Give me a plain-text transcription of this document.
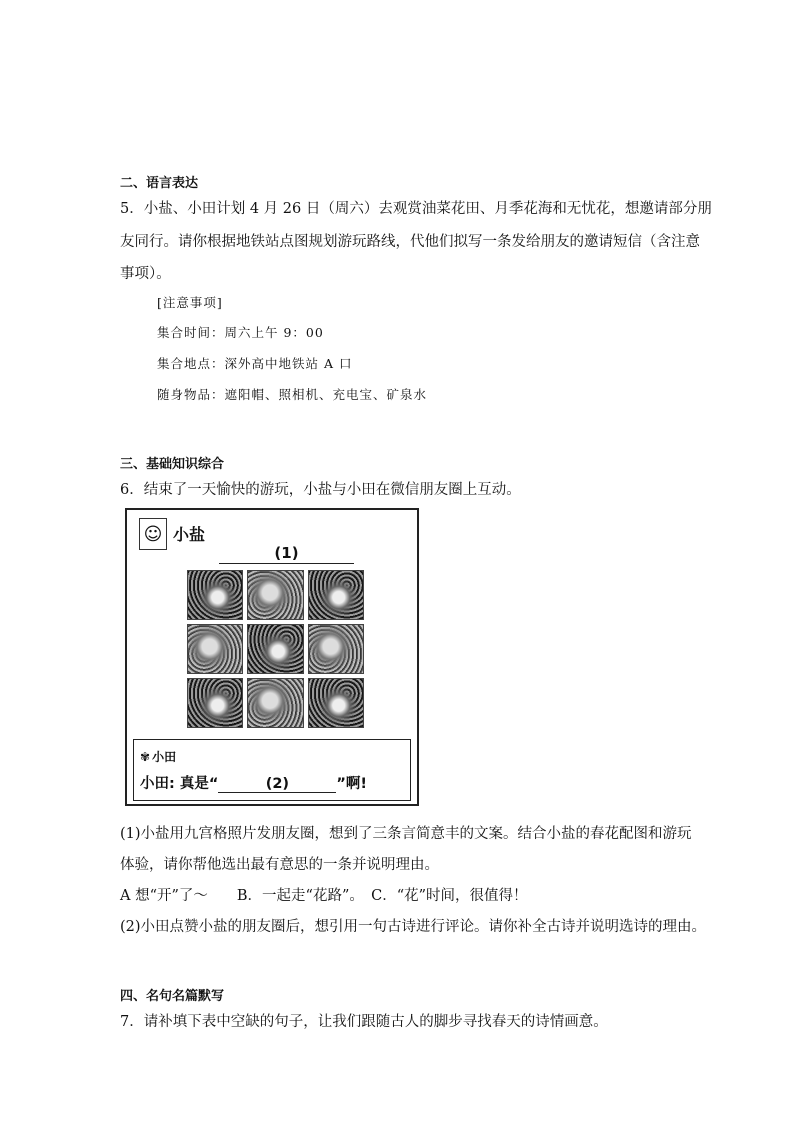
二、语言表达
5．小盐、小田计划 4 月 26 日（周六）去观赏油菜花田、月季花海和无忧花，想邀请部分朋
友同行。请你根据地铁站点图规划游玩路线，代他们拟写一条发给朋友的邀请短信（含注意
事项）。
[注意事项]
集合时间：周六上午 9：00
集合地点：深外高中地铁站 A 口
随身物品：遮阳帽、照相机、充电宝、矿泉水
三、基础知识综合
6．结束了一天愉快的游玩，小盐与小田在微信朋友圈上互动。
☺ 小盐
(1)
✾ 小田
小田: 真是“	(2)	”啊!
(1)小盐用九宫格照片发朋友圈，想到了三条言简意丰的文案。结合小盐的春花配图和游玩
体验，请你帮他选出最有意思的一条并说明理由。
A 想“开”了～　　B．一起走“花路”。　C．“花”时间，很值得！
(2)小田点赞小盐的朋友圈后，想引用一句古诗进行评论。请你补全古诗并说明选诗的理由。
四、名句名篇默写
7．请补填下表中空缺的句子，让我们跟随古人的脚步寻找春天的诗情画意。
